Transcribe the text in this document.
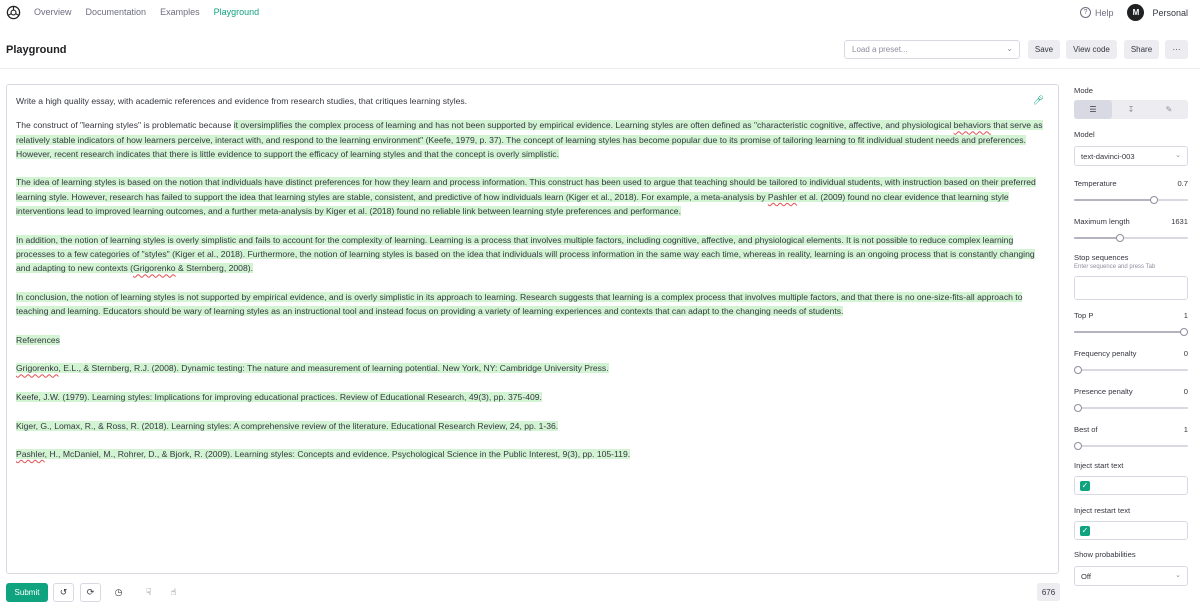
Overview Documentation Examples Playground	? Help	M	Personal
Playground	Load a preset...	⌄	Save	View code	Share	···
🎤︎

Write a high quality essay, with academic references and evidence from research studies, that critiques learning styles.

The construct of "learning styles" is problematic because it oversimplifies the complex process of learning and has not been supported by empirical evidence. Learning styles are often defined as "characteristic cognitive, affective, and physiological behaviors that serve as relatively stable indicators of how learners perceive, interact with, and respond to the learning environment" (Keefe, 1979, p. 37). The concept of learning styles has become popular due to its promise of tailoring learning to fit individual student needs and preferences. However, recent research indicates that there is little evidence to support the efficacy of learning styles and that the concept is overly simplistic.

The idea of learning styles is based on the notion that individuals have distinct preferences for how they learn and process information. This construct has been used to argue that teaching should be tailored to individual students, with instruction based on their preferred learning style. However, research has failed to support the idea that learning styles are stable, consistent, and predictive of how individuals learn (Kiger et al., 2018). For example, a meta-analysis by Pashler et al. (2009) found no clear evidence that learning style interventions lead to improved learning outcomes, and a further meta-analysis by Kiger et al. (2018) found no reliable link between learning style preferences and performance.

In addition, the notion of learning styles is overly simplistic and fails to account for the complexity of learning. Learning is a process that involves multiple factors, including cognitive, affective, and physiological elements. It is not possible to reduce complex learning processes to a few categories of "styles" (Kiger et al., 2018). Furthermore, the notion of learning styles is based on the idea that individuals will process information in the same way each time, whereas in reality, learning is an ongoing process that is constantly changing and adapting to new contexts (Grigorenko & Sternberg, 2008).

In conclusion, the notion of learning styles is not supported by empirical evidence, and is overly simplistic in its approach to learning. Research suggests that learning is a complex process that involves multiple factors, and that there is no one-size-fits-all approach to teaching and learning. Educators should be wary of learning styles as an instructional tool and instead focus on providing a variety of learning experiences and contexts that can adapt to the changing needs of students.

References

Grigorenko, E.L., & Sternberg, R.J. (2008). Dynamic testing: The nature and measurement of learning potential. New York, NY: Cambridge University Press.

Keefe, J.W. (1979). Learning styles: Implications for improving educational practices. Review of Educational Research, 49(3), pp. 375-409.

Kiger, G., Lomax, R., & Ross, R. (2018). Learning styles: A comprehensive review of the literature. Educational Research Review, 24, pp. 1-36.

Pashler, H., McDaniel, M., Rohrer, D., & Bjork, R. (2009). Learning styles: Concepts and evidence. Psychological Science in the Public Interest, 9(3), pp. 105-119.

Submit	↺	⟳	◷	☟	☝	676
Mode
☰	↧	✎
Model
text-davinci-003	⌄
Temperature	0.7
Maximum length	1631
Stop sequences
Enter sequence and press Tab
Top P	1
Frequency penalty	0
Presence penalty	0
Best of	1
Inject start text
✓
Inject restart text
✓
Show probabilities
Off	⌄
